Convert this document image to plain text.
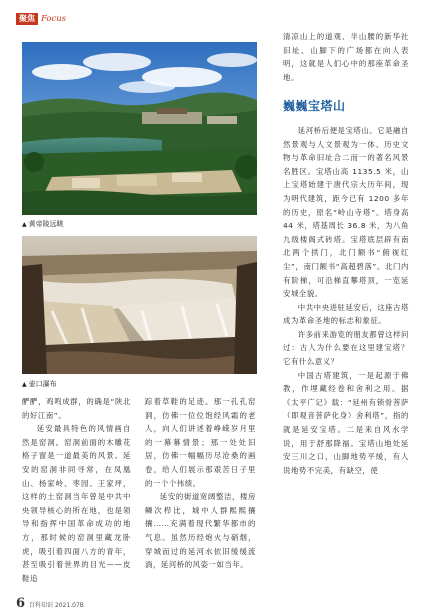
聚焦 Focus
▲ 黄帝陵远眺
▲ 壶口瀑布

酽酽，鸡鸣成群，的确是“陕北的好江南”。

延安最具特色的风情画自然是窑洞。窑洞前面的木雕花格子窗是一道最美的风景。延安的窑洞非同寻常，在凤凰山、杨家岭、枣园、王家坪，这样的土窑洞当年曾是中共中央领导核心的所在地，也是领导和指挥中国革命成功的地方，那时候的窑洞里藏龙卧虎，吸引着四面八方的青年，甚至吸引着世界的目光——皮鞋追

踪着草鞋的足迹。那一孔孔窑洞，仿佛一位位饱经风霜的老人，向人们讲述着峥嵘岁月里的一幕幕情景；那一处处旧居，仿佛一幅幅历尽沧桑的画卷，给人们展示那艰苦日子里的一个个伟绩。

延安的街道宽阔整洁，楼房鳞次栉比，城中人群熙熙攘攘……充满着现代繁华都市的气息。虽然历经炮火与硝烟，穿城而过的延河水依旧缓缓流淌，延河桥的风姿一如当年。

清凉山上的道观、半山腰的新华社旧址、山脚下的广场都在向人表明，这就是人们心中的那座革命圣地。

巍巍宝塔山

延河桥后便是宝塔山。它是融自然景观与人文景观为一体、历史文物与革命旧址合二而一的著名风景名胜区。宝塔山高 1135.5 米，山上宝塔始建于唐代宗大历年间，现为明代建筑，距今已有 1200 多年的历史，原名“岭山寺塔”。塔身高 44 米，塔基周长 36.8 米，为八角九级楼阁式砖塔。宝塔底层辟有南北两个拱门，北门额书“俯视红尘”，南门额书“高超碧落”。北门内有阶梯，可沿梯直攀塔顶，一览延安城全貌。

中共中央进驻延安后，这座古塔成为革命圣地的标志和象征。

许多前来游览的朋友都曾这样问过：古人为什么要在这里建宝塔？它有什么意义？

中国古塔建筑，一是起源于佛教，作埋藏经卷和舍利之用。据《太平广记》载：“延州有锁骨菩萨（即观音菩萨化身）舍利塔”，指的就是延安宝塔。二是来自风水学说，用于舒那降福。宝塔山地处延安三川之口，山脚地势平缓，有人说地势不完美，有缺空，使

6 百科知识 2021.07B
